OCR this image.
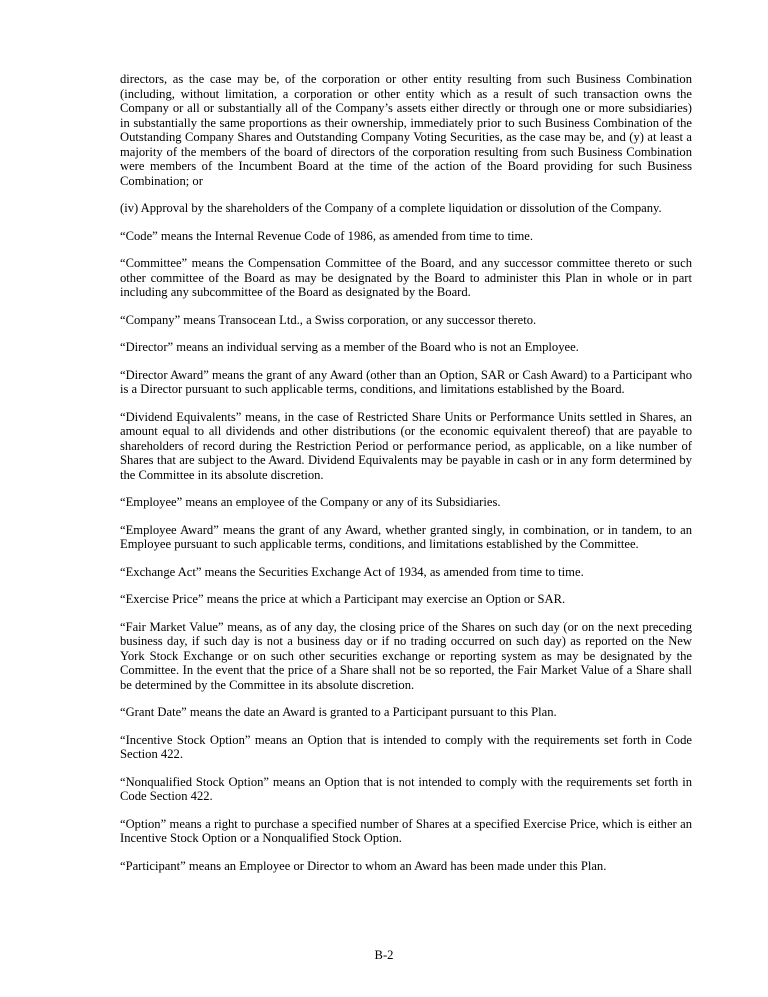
directors, as the case may be, of the corporation or other entity resulting from such Business Combination (including, without limitation, a corporation or other entity which as a result of such transaction owns the Company or all or substantially all of the Company’s assets either directly or through one or more subsidiaries) in substantially the same proportions as their ownership, immediately prior to such Business Combination of the Outstanding Company Shares and Outstanding Company Voting Securities, as the case may be, and (y) at least a majority of the members of the board of directors of the corporation resulting from such Business Combination were members of the Incumbent Board at the time of the action of the Board providing for such Business Combination; or

(iv) Approval by the shareholders of the Company of a complete liquidation or dissolution of the Company.

“Code” means the Internal Revenue Code of 1986, as amended from time to time.

“Committee” means the Compensation Committee of the Board, and any successor committee thereto or such other committee of the Board as may be designated by the Board to administer this Plan in whole or in part including any subcommittee of the Board as designated by the Board.

“Company” means Transocean Ltd., a Swiss corporation, or any successor thereto.

“Director” means an individual serving as a member of the Board who is not an Employee.

“Director Award” means the grant of any Award (other than an Option, SAR or Cash Award) to a Participant who is a Director pursuant to such applicable terms, conditions, and limitations established by the Board.

“Dividend Equivalents” means, in the case of Restricted Share Units or Performance Units settled in Shares, an amount equal to all dividends and other distributions (or the economic equivalent thereof) that are payable to shareholders of record during the Restriction Period or performance period, as applicable, on a like number of Shares that are subject to the Award. Dividend Equivalents may be payable in cash or in any form determined by the Committee in its absolute discretion.

“Employee” means an employee of the Company or any of its Subsidiaries.

“Employee Award” means the grant of any Award, whether granted singly, in combination, or in tandem, to an Employee pursuant to such applicable terms, conditions, and limitations established by the Committee.

“Exchange Act” means the Securities Exchange Act of 1934, as amended from time to time.

“Exercise Price” means the price at which a Participant may exercise an Option or SAR.

“Fair Market Value” means, as of any day, the closing price of the Shares on such day (or on the next preceding business day, if such day is not a business day or if no trading occurred on such day) as reported on the New York Stock Exchange or on such other securities exchange or reporting system as may be designated by the Committee. In the event that the price of a Share shall not be so reported, the Fair Market Value of a Share shall be determined by the Committee in its absolute discretion.

“Grant Date” means the date an Award is granted to a Participant pursuant to this Plan.

“Incentive Stock Option” means an Option that is intended to comply with the requirements set forth in Code Section 422.

“Nonqualified Stock Option” means an Option that is not intended to comply with the requirements set forth in Code Section 422.

“Option” means a right to purchase a specified number of Shares at a specified Exercise Price, which is either an Incentive Stock Option or a Nonqualified Stock Option.

“Participant” means an Employee or Director to whom an Award has been made under this Plan.

B-2
